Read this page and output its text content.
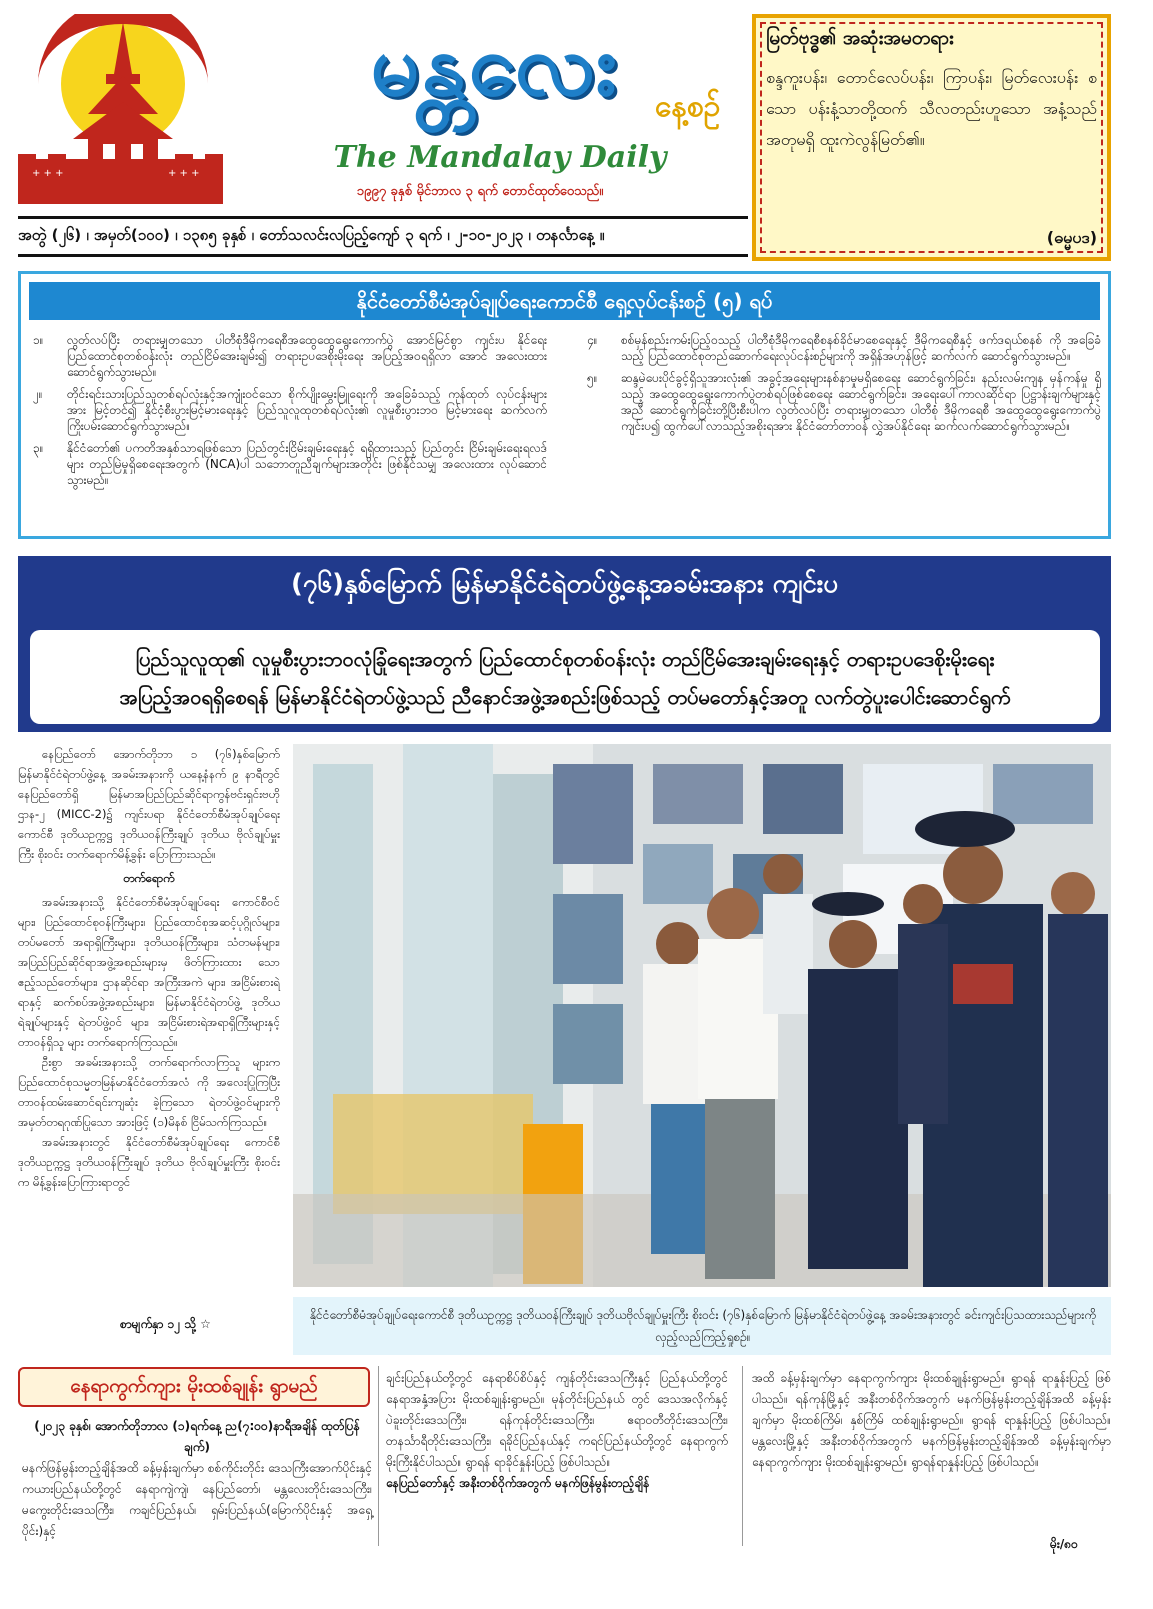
+ + +	+ + +
မန္တလေး	နေ့စဉ်
The Mandalay Daily
၁၉၉၇ ခုနှစ် မိုင်ဘာလ ၃ ရက် တောင်ထုတ်ဝေသည်။
အတွဲ (၂၆) ၊ အမှတ်(၁၀၀) ၊ ၁၃၈၅ ခုနှစ် ၊ တော်သလင်းလပြည့်ကျော် ၃ ရက် ၊ ၂-၁၀-၂၀၂၃ ၊ တနင်္လာနေ့ ။
မြတ်ဗုဒ္ဓ၏ အဆုံးအမတရား
စန္ဒကူးပန်း၊ တောင်လေပ်ပန်း၊ ကြာပန်း၊ မြတ်လေးပန်း စသော ပန်းနံ့သာတို့ထက် သီလတည်းဟူသော အနံ့သည် အတုမရှိ ထူးကဲလွန်မြတ်၏။
(ဓမ္မပဒ)
နိုင်ငံတော်စီမံအုပ်ချုပ်ရေးကောင်စီ ရှေ့လုပ်ငန်းစဉ် (၅) ရပ်
၁။	လွတ်လပ်ပြီး တရားမျှတသော ပါတီစုံဒီမိုကရေစီအထွေထွေရွေးကောက်ပွဲ အောင်မြင်စွာ ကျင်းပ နိုင်ရေး ပြည်ထောင်စုတစ်ဝန်းလုံး တည်ငြိမ်အေးချမ်း၍ တရားဥပဒေစိုးမိုးရေး အပြည့်အဝရရှိလာ အောင် အလေးထားဆောင်ရွက်သွားမည်။
၂။	တိုင်းရင်းသားပြည်သူတစ်ရပ်လုံးနှင့်အကျုံးဝင်သော စိုက်ပျိုးမွေးမြူရေးကို အခြေခံသည့် ကုန်ထုတ် လုပ်ငန်းများအား မြင့်တင်၍ နိုင်ငံ့စီးပွားမြင့်မားရေးနှင့် ပြည်သူလူထုတစ်ရပ်လုံး၏ လူမှုစီးပွားဘဝ မြင့်မားရေး ဆက်လက်ကြိုးပမ်းဆောင်ရွက်သွားမည်။
၃။	နိုင်ငံတော်၏ ပကတိအနှစ်သာရဖြစ်သော ပြည်တွင်းငြိမ်းချမ်းရေးနှင့် ရရှိထားသည့် ပြည်တွင်း ငြိမ်းချမ်းရေးရလဒ်များ တည်မြဲမှုရှိစေရေးအတွက် (NCA)ပါ သဘောတူညီချက်များအတိုင်း ဖြစ်နိုင်သမျှ အလေးထား လုပ်ဆောင်သွားမည်။
၄။	စစ်မှန်စည်းကမ်းပြည့်ဝသည့် ပါတီစုံဒီမိုကရေစီစနစ်ခိုင်မာစေရေးနှင့် ဒီမိုကရေစီနှင့် ဖက်ဒရယ်စနစ် ကို အခြေခံသည့် ပြည်ထောင်စုတည်ဆောက်ရေးလုပ်ငန်းစဉ်များကို အရှိန်အဟုန်ဖြင့် ဆက်လက် ဆောင်ရွက်သွားမည်။
၅။	ဆန္ဒမဲပေးပိုင်ခွင့်ရှိသူအားလုံး၏ အခွင့်အရေးများနစ်နာမှုမရှိစေရေး ဆောင်ရွက်ခြင်း၊ နည်းလမ်းကျန မှန်ကန်မှု ရှိသည့် အထွေထွေရွေးကောက်ပွဲတစ်ရပ်ဖြစ်စေရေး ဆောင်ရွက်ခြင်း၊ အရေးပေါ်ကာလဆိုင်ရာ ပြဋ္ဌာန်းချက်များနှင့်အညီ ဆောင်ရွက်ခြင်းတို့ပြီးစီးပါက လွတ်လပ်ပြီး တရားမျှတသော ပါတီစုံ ဒီမိုကရေစီ အထွေထွေရွေးကောက်ပွဲကျင်းပ၍ ထွက်ပေါ်လာသည့်အစိုးရအား နိုင်ငံတော်တာဝန် လွှဲအပ်နိုင်ရေး ဆက်လက်ဆောင်ရွက်သွားမည်။
(၇၆)နှစ်မြောက် မြန်မာနိုင်ငံရဲတပ်ဖွဲ့နေ့အခမ်းအနား ကျင်းပ
ပြည်သူလူထု၏ လူမှုစီးပွားဘဝလုံခြုံရေးအတွက် ပြည်ထောင်စုတစ်ဝန်းလုံး တည်ငြိမ်အေးချမ်းရေးနှင့် တရားဥပဒေစိုးမိုးရေး
အပြည့်အဝရရှိစေရန် မြန်မာနိုင်ငံရဲတပ်ဖွဲ့သည် ညီနောင်အဖွဲ့အစည်းဖြစ်သည့် တပ်မတော်နှင့်အတူ လက်တွဲပူးပေါင်းဆောင်ရွက်

နေပြည်တော် အောက်တိုဘာ ၁ (၇၆)နှစ်မြောက် မြန်မာနိုင်ငံရဲတပ်ဖွဲ့နေ့ အခမ်းအနားကို ယနေ့နံနက် ၉ နာရီတွင် နေပြည်တော်ရှိ မြန်မာအပြည်ပြည်ဆိုင်ရာကွန်ဗင်းရှင်းဗဟိုဌာန-၂ (MICC-2)၌ ကျင်းပရာ နိုင်ငံတော်စီမံအုပ်ချုပ်ရေး ကောင်စီ ဒုတိယဥက္ကဋ္ဌ ဒုတိယဝန်ကြီးချုပ် ဒုတိယ ဗိုလ်ချုပ်မှူးကြီး စိုးဝင်း တက်ရောက်မိန့်ခွန်း ပြောကြားသည်။

တက်ရောက်

အခမ်းအနားသို့ နိုင်ငံတော်စီမံအုပ်ချုပ်ရေး ကောင်စီဝင်များ၊ ပြည်ထောင်စုဝန်ကြီးများ၊ ပြည်ထောင်စုအဆင့်ပုဂ္ဂိုလ်များ၊ တပ်မတော် အရာရှိကြီးများ၊ ဒုတိယဝန်ကြီးများ၊ သံတမန်များ၊ အပြည်ပြည်ဆိုင်ရာအဖွဲ့အစည်းများမှ ဖိတ်ကြားထား သော ဧည့်သည်တော်များ၊ ဌာနဆိုင်ရာ အကြီးအကဲ များ၊ အငြိမ်းစားရဲရာနှင့် ဆက်စပ်အဖွဲ့အစည်းများ၊ မြန်မာနိုင်ငံရဲတပ်ဖွဲ့ ဒုတိယရဲချုပ်များနှင့် ရဲတပ်ဖွဲ့ဝင် များ၊ အငြိမ်းစားရဲအရာရှိကြီးများနှင့် တာဝန်ရှိသူ များ တက်ရောက်ကြသည်။

ဦးစွာ အခမ်းအနားသို့ တက်ရောက်လာကြသူ များက ပြည်ထောင်စုသမ္မတမြန်မာနိုင်ငံတော်အလံ ကို အလေးပြုကြပြီး တာဝန်ထမ်းဆောင်ရင်းကျဆုံး ခဲ့ကြသော ရဲတပ်ဖွဲ့ဝင်များကို အမှတ်တရဂုဏ်ပြုသော အားဖြင့် (၁)မိနစ် ငြိမ်သက်ကြသည်။

အခမ်းအနားတွင် နိုင်ငံတော်စီမံအုပ်ချုပ်ရေး ကောင်စီ ဒုတိယဥက္ကဋ္ဌ ဒုတိယဝန်ကြီးချုပ် ဒုတိယ ဗိုလ်ချုပ်မှူးကြီး စိုးဝင်းက မိန့်ခွန်းပြောကြားရာတွင်

စာမျက်နှာ ၁၂ သို့ ☆
နိုင်ငံတော်စီမံအုပ်ချုပ်ရေးကောင်စီ ဒုတိယဥက္ကဋ္ဌ ဒုတိယဝန်ကြီးချုပ် ဒုတိယဗိုလ်ချုပ်မှူးကြီး စိုးဝင်း (၇၆)နှစ်မြောက် မြန်မာနိုင်ငံရဲတပ်ဖွဲ့နေ့ အခမ်းအနားတွင် ခင်းကျင်းပြသထားသည်များကို လှည့်လည်ကြည့်ရှုစဉ်။
နေရာကွက်ကျား မိုးထစ်ချုန်း ရွာမည်
(၂၀၂၃ ခုနှစ်၊ အောက်တိုဘာလ (၁)ရက်နေ့ ည(၇:၀၀)နာရီအချိန် ထုတ်ပြန်ချက်)
မနက်ဖြန်မွန်းတည့်ချိန်အထိ ခန့်မှန်းချက်မှာ စစ်ကိုင်းတိုင်း ဒေသကြီးအောက်ပိုင်းနှင့် ကယားပြည်နယ်တို့တွင် နေရာကျဲကျဲ၊ နေပြည်တော်၊ မန္တလေးတိုင်းဒေသကြီး၊ မကွေးတိုင်းဒေသကြီး၊ ကချင်ပြည်နယ်၊ ရှမ်းပြည်နယ်(မြောက်ပိုင်းနှင့် အရှေ့ပိုင်း)နှင့်
ချင်းပြည်နယ်တို့တွင် နေရာစိပ်စိပ်နှင့် ကျန်တိုင်းဒေသကြီးနှင့် ပြည်နယ်တို့တွင် နေရာအနှံ့အပြား မိုးထစ်ချုန်းရွာမည်။ မုန်တိုင်းပြည်နယ် တွင် ဒေသအလိုက်နှင့် ပဲခူးတိုင်းဒေသကြီး၊ ရန်ကုန်တိုင်းဒေသကြီး၊ ဧရာဝတီတိုင်းဒေသကြီး၊ တနင်္သာရီတိုင်းဒေသကြီး၊ ရခိုင်ပြည်နယ်နှင့် ကရင်ပြည်နယ်တို့တွင် နေရာကွက် မိုးကြီးနိုင်ပါသည်။ ရွာရန် ရာခိုင်နှုန်းပြည့် ဖြစ်ပါသည်။
နေပြည်တော်နှင့် အနီးတစ်ဝိုက်အတွက် မနက်ဖြန်မွန်းတည့်ချိန်
အထိ ခန့်မှန်းချက်မှာ နေရာကွက်ကျား မိုးထစ်ချုန်းရွာမည်။ ရွာရန် ရာနှုန်းပြည့် ဖြစ်ပါသည်။ ရန်ကုန်မြို့နှင့် အနီးတစ်ဝိုက်အတွက် မနက်ဖြန်မွန်းတည့်ချိန်အထိ ခန့်မှန်းချက်မှာ မိုးထစ်ကြိမ်၊ နှစ်ကြိမ် ထစ်ချုန်းရွာမည်။ ရွာရန် ရာနှုန်းပြည့် ဖြစ်ပါသည်။ မန္တလေးမြို့နှင့် အနီးတစ်ဝိုက်အတွက် မနက်ဖြန်မွန်းတည့်ချိန်အထိ ခန့်မှန်းချက်မှာ နေရာကွက်ကျား မိုးထစ်ချုန်းရွာမည်။ ရွာရန်ရာနှုန်းပြည့် ဖြစ်ပါသည်။
မိုး/၈၀
